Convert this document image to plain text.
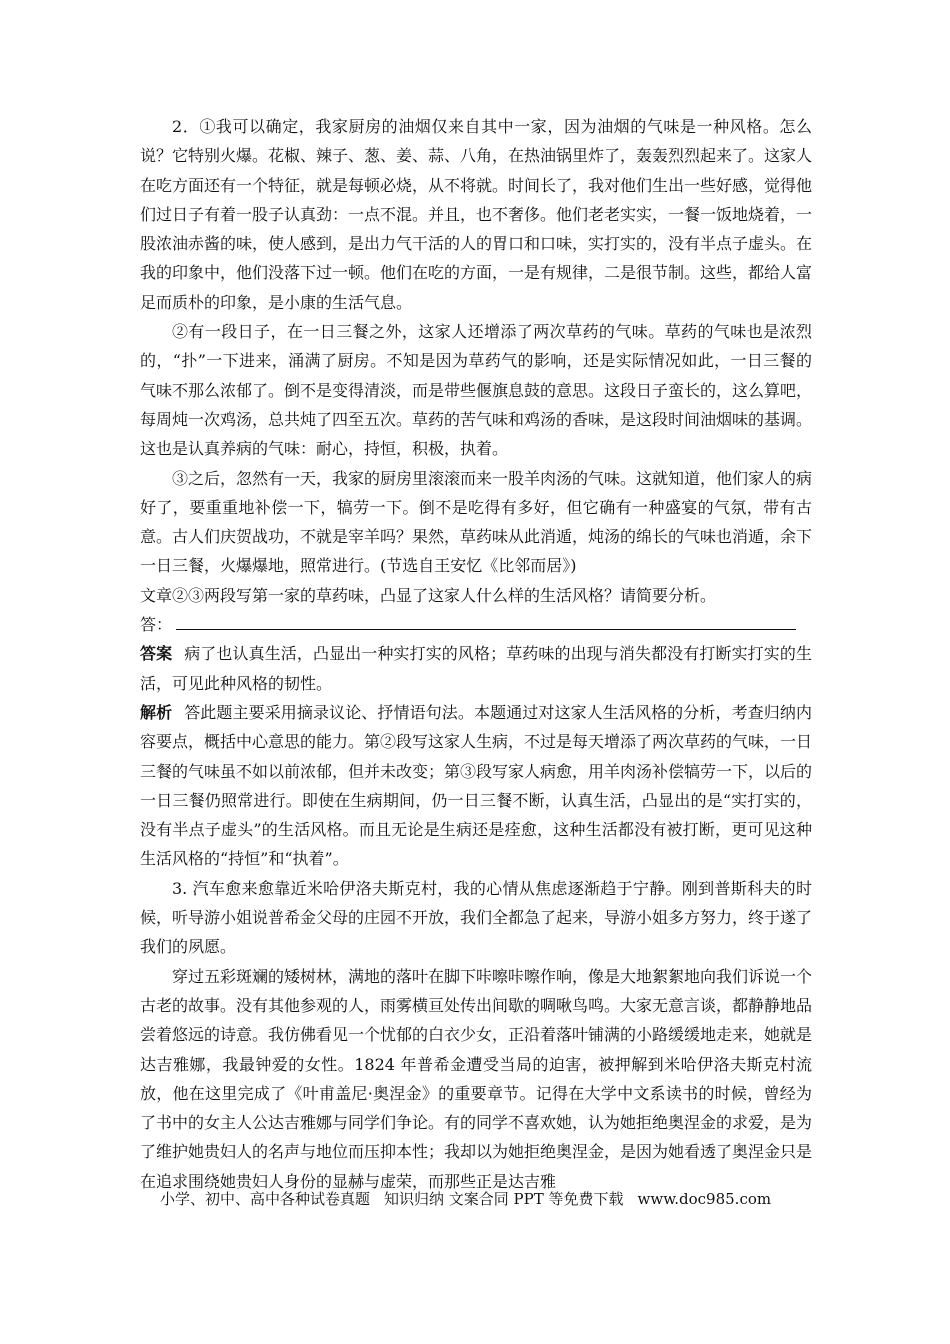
2．①我可以确定，我家厨房的油烟仅来自其中一家，因为油烟的气味是一种风格。怎么说？它特别火爆。花椒、辣子、葱、姜、蒜、八角，在热油锅里炸了，轰轰烈烈起来了。这家人在吃方面还有一个特征，就是每顿必烧，从不将就。时间长了，我对他们生出一些好感，觉得他们过日子有着一股子认真劲：一点不混。并且，也不奢侈。他们老老实实，一餐一饭地烧着，一股浓油赤酱的味，使人感到，是出力气干活的人的胃口和口味，实打实的，没有半点子虚头。在我的印象中，他们没落下过一顿。他们在吃的方面，一是有规律，二是很节制。这些，都给人富足而质朴的印象，是小康的生活气息。

②有一段日子，在一日三餐之外，这家人还增添了两次草药的气味。草药的气味也是浓烈的，“扑”一下进来，涌满了厨房。不知是因为草药气的影响，还是实际情况如此，一日三餐的气味不那么浓郁了。倒不是变得清淡，而是带些偃旗息鼓的意思。这段日子蛮长的，这么算吧，每周炖一次鸡汤，总共炖了四至五次。草药的苦气味和鸡汤的香味，是这段时间油烟味的基调。这也是认真养病的气味：耐心，持恒，积极，执着。

③之后，忽然有一天，我家的厨房里滚滚而来一股羊肉汤的气味。这就知道，他们家人的病好了，要重重地补偿一下，犒劳一下。倒不是吃得有多好，但它确有一种盛宴的气氛，带有古意。古人们庆贺战功，不就是宰羊吗？果然，草药味从此消遁，炖汤的绵长的气味也消遁，余下一日三餐，火爆爆地，照常进行。(节选自王安忆《比邻而居》)

文章②③两段写第一家的草药味，凸显了这家人什么样的生活风格？请简要分析。

答：

答案 病了也认真生活，凸显出一种实打实的风格；草药味的出现与消失都没有打断实打实的生活，可见此种风格的韧性。

解析 答此题主要采用摘录议论、抒情语句法。本题通过对这家人生活风格的分析，考查归纳内容要点，概括中心意思的能力。第②段写这家人生病，不过是每天增添了两次草药的气味，一日三餐的气味虽不如以前浓郁，但并未改变；第③段写家人病愈，用羊肉汤补偿犒劳一下，以后的一日三餐仍照常进行。即使在生病期间，仍一日三餐不断，认真生活，凸显出的是“实打实的，没有半点子虚头”的生活风格。而且无论是生病还是痊愈，这种生活都没有被打断，更可见这种生活风格的“持恒”和“执着”。

3. 汽车愈来愈靠近米哈伊洛夫斯克村，我的心情从焦虑逐渐趋于宁静。刚到普斯科夫的时候，听导游小姐说普希金父母的庄园不开放，我们全都急了起来，导游小姐多方努力，终于遂了我们的夙愿。

穿过五彩斑斓的矮树林，满地的落叶在脚下咔嚓咔嚓作响，像是大地絮絮地向我们诉说一个古老的故事。没有其他参观的人，雨雾横亘处传出间歇的啁啾鸟鸣。大家无意言谈，都静静地品尝着悠远的诗意。我仿佛看见一个忧郁的白衣少女，正沿着落叶铺满的小路缓缓地走来，她就是达吉雅娜，我最钟爱的女性。1824 年普希金遭受当局的迫害，被押解到米哈伊洛夫斯克村流放，他在这里完成了《叶甫盖尼·奥涅金》的重要章节。记得在大学中文系读书的时候，曾经为了书中的女主人公达吉雅娜与同学们争论。有的同学不喜欢她，认为她拒绝奥涅金的求爱，是为了维护她贵妇人的名声与地位而压抑本性；我却以为她拒绝奥涅金，是因为她看透了奥涅金只是在追求围绕她贵妇人身份的显赫与虚荣，而那些正是达吉雅

小学、初中、高中各种试卷真题 知识归纳 文案合同 PPT 等免费下载 www.doc985.com
